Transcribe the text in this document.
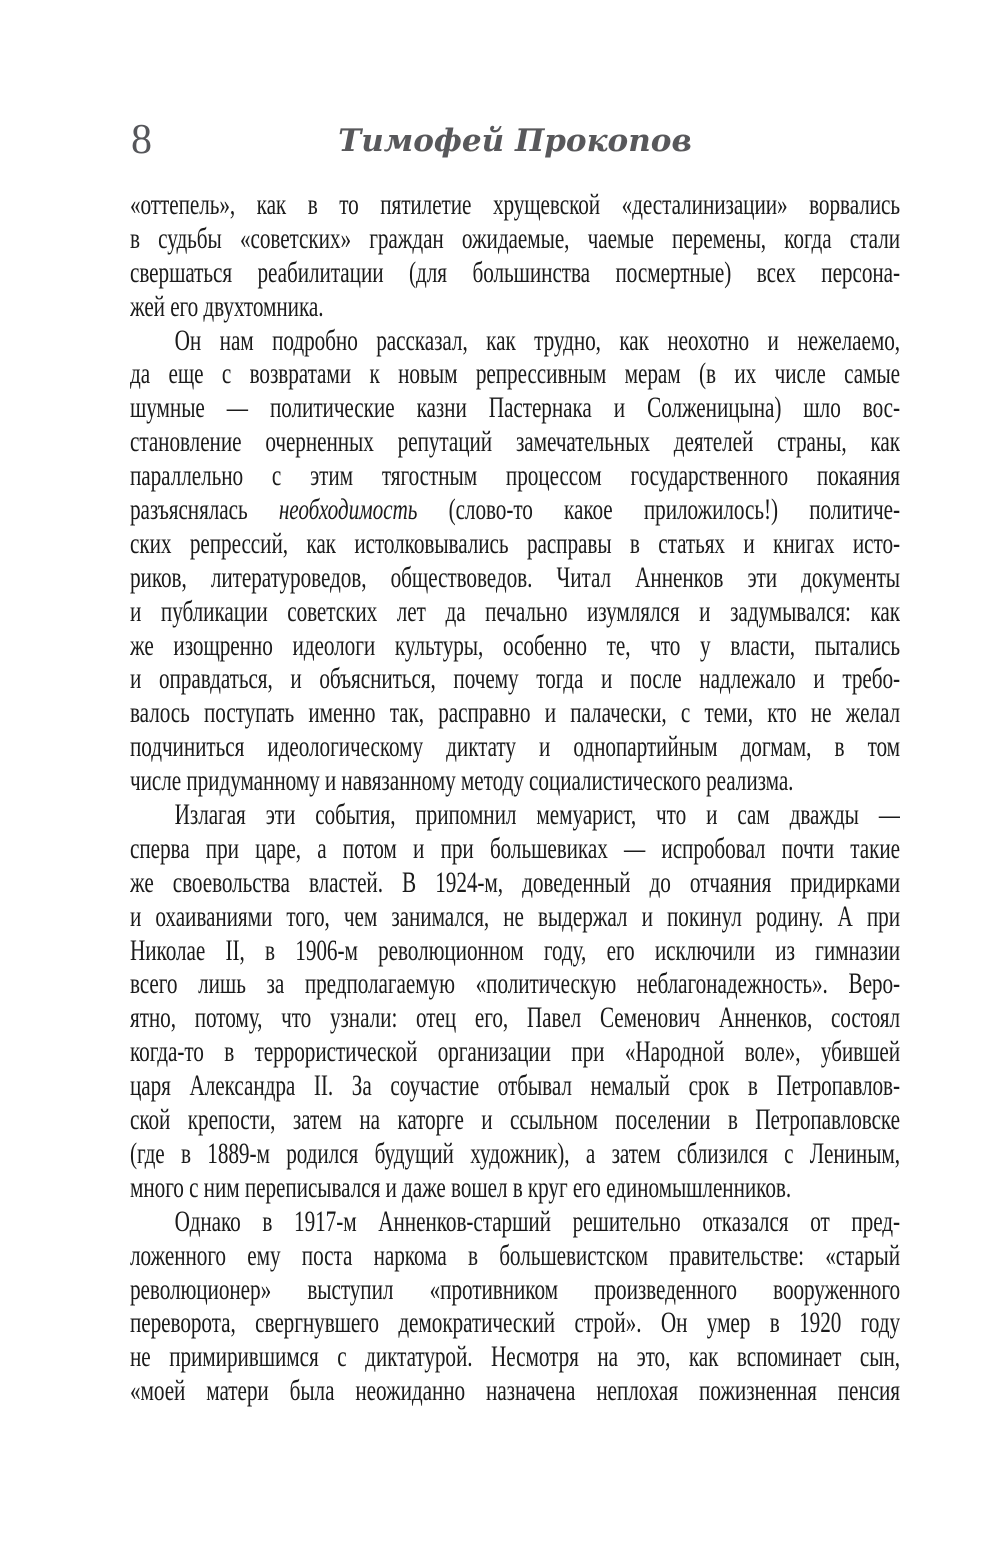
8	Тимофей Прокопов
«оттепель», как в то пятилетие хрущевской «десталинизации» ворвались
в судьбы «советских» граждан ожидаемые, чаемые перемены, когда стали
свершаться реабилитации (для большинства посмертные) всех персона-
жей его двухтомника.
Он нам подробно рассказал, как трудно, как неохотно и нежелаемо,
да еще с возвратами к новым репрессивным мерам (в их числе самые
шумные — политические казни Пастернака и Солженицына) шло вос-
становление очерненных репутаций замечательных деятелей страны, как
параллельно с этим тягостным процессом государственного покаяния
разъяснялась необходимость (слово-то какое приложилось!) политиче-
ских репрессий, как истолковывались расправы в статьях и книгах исто-
риков, литературоведов, обществоведов. Читал Анненков эти документы
и публикации советских лет да печально изумлялся и задумывался: как
же изощренно идеологи культуры, особенно те, что у власти, пытались
и оправдаться, и объясниться, почему тогда и после надлежало и требо-
валось поступать именно так, расправно и палачески, с теми, кто не желал
подчиниться идеологическому диктату и однопартийным догмам, в том
числе придуманному и навязанному методу социалистического реализма.
Излагая эти события, припомнил мемуарист, что и сам дважды —
сперва при царе, а потом и при большевиках — испробовал почти такие
же своевольства властей. В 1924-м, доведенный до отчаяния придирками
и охаиваниями того, чем занимался, не выдержал и покинул родину. А при
Николае II, в 1906-м революционном году, его исключили из гимназии
всего лишь за предполагаемую «политическую неблагонадежность». Веро-
ятно, потому, что узнали: отец его, Павел Семенович Анненков, состоял
когда-то в террористической организации при «Народной воле», убившей
царя Александра II. За соучастие отбывал немалый срок в Петропавлов-
ской крепости, затем на каторге и ссыльном поселении в Петропавловске
(где в 1889-м родился будущий художник), а затем сблизился с Лениным,
много с ним переписывался и даже вошел в круг его единомышленников.
Однако в 1917-м Анненков-старший решительно отказался от пред-
ложенного ему поста наркома в большевистском правительстве: «старый
революционер» выступил «противником произведенного вооруженного
переворота, свергнувшего демократический строй». Он умер в 1920 году
не примирившимся с диктатурой. Несмотря на это, как вспоминает сын,
«моей матери была неожиданно назначена неплохая пожизненная пенсия
